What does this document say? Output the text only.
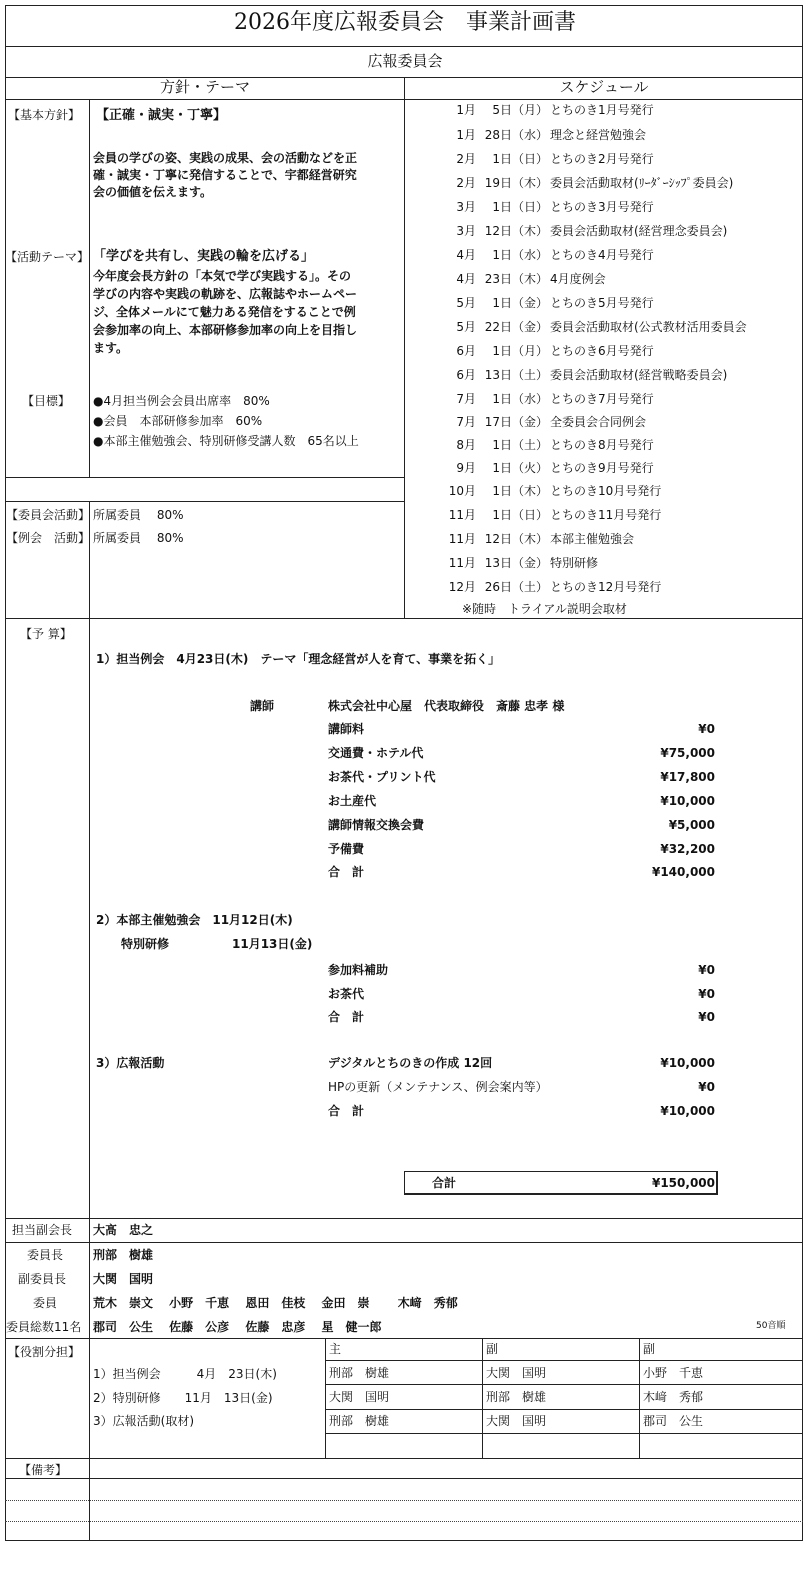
2026年度広報委員会　事業計画書
広報委員会
方針・テーマ	スケジュール
【基本方針】 【正確・誠実・丁寧】
会員の学びの姿、実践の成果、会の活動などを正
確・誠実・丁寧に発信することで、宇都経営研究
会の価値を伝えます。
【活動テーマ】 「学びを共有し、実践の輪を広げる」
今年度会長方針の「本気で学び実践する」。その
学びの内容や実践の軌跡を、広報誌やホームペー
ジ、全体メールにて魅力ある発信をすることで例
会参加率の向上、本部研修参加率の向上を目指し
ます。
【目標】 ●4月担当例会会員出席率　80%
●会員　本部研修参加率　60%
●本部主催勉強会、特別研修受講人数　65名以上
【委員会活動】 所属委員　 80%
【例会　活動】 所属委員　 80%
1月 5日（月） とちのき1月号発行
1月 28日（水） 理念と経営勉強会
2月 1日（日） とちのき2月号発行
2月 19日（木） 委員会活動取材(ﾘｰﾀﾞｰｼｯﾌﾟ委員会)
3月 1日（日） とちのき3月号発行
3月 12日（木） 委員会活動取材(経営理念委員会)
4月 1日（水） とちのき4月号発行
4月 23日（木） 4月度例会
5月 1日（金） とちのき5月号発行
5月 22日（金） 委員会活動取材(公式教材活用委員会
6月 1日（月） とちのき6月号発行
6月 13日（土） 委員会活動取材(経営戦略委員会)
7月 1日（水） とちのき7月号発行
7月 17日（金） 全委員会合同例会
8月 1日（土） とちのき8月号発行
9月 1日（火） とちのき9月号発行
10月 1日（木） とちのき10月号発行
11月 1日（日） とちのき11月号発行
11月 12日（木） 本部主催勉強会
11月 13日（金） 特別研修
12月 26日（土） とちのき12月号発行
※随時　トライアル説明会取材
【予 算】
1）担当例会　4月23日(木)　テーマ「理念経営が人を育て、事業を拓く」
講師	株式会社中心屋　代表取締役　斎藤 忠孝 様
講師料	¥0
交通費・ホテル代	¥75,000
お茶代・プリント代	¥17,800
お土産代	¥10,000
講師情報交換会費	¥5,000
予備費	¥32,200
合　計	¥140,000
2）本部主催勉強会　11月12日(木)
特別研修	11月13日(金)
参加料補助	¥0
お茶代	¥0
合　計	¥0
3）広報活動	デジタルとちのきの作成 12回	¥10,000
HPの更新（メンテナンス、例会案内等）	¥0
合　計	¥10,000
合計	¥150,000
担当副会長 大髙　忠之
委員長 刑部　樹雄
副委員長 大関　国明
委員	荒木　崇文　 小野　千恵　 恩田　佳枝　 金田　崇　　 木﨑　秀郁
委員総数11名 郡司　公生　 佐藤　公彦　 佐藤　忠彦　 星　健一郎	50音順
【役割分担】	主	副	副
1）担当例会　　　4月　23日(木)	刑部　樹雄	大関　国明	小野　千恵
2）特別研修　　11月　13日(金)	大関　国明	刑部　樹雄	木﨑　秀郁
3）広報活動(取材)	刑部　樹雄	大関　国明	郡司　公生
【備考】
